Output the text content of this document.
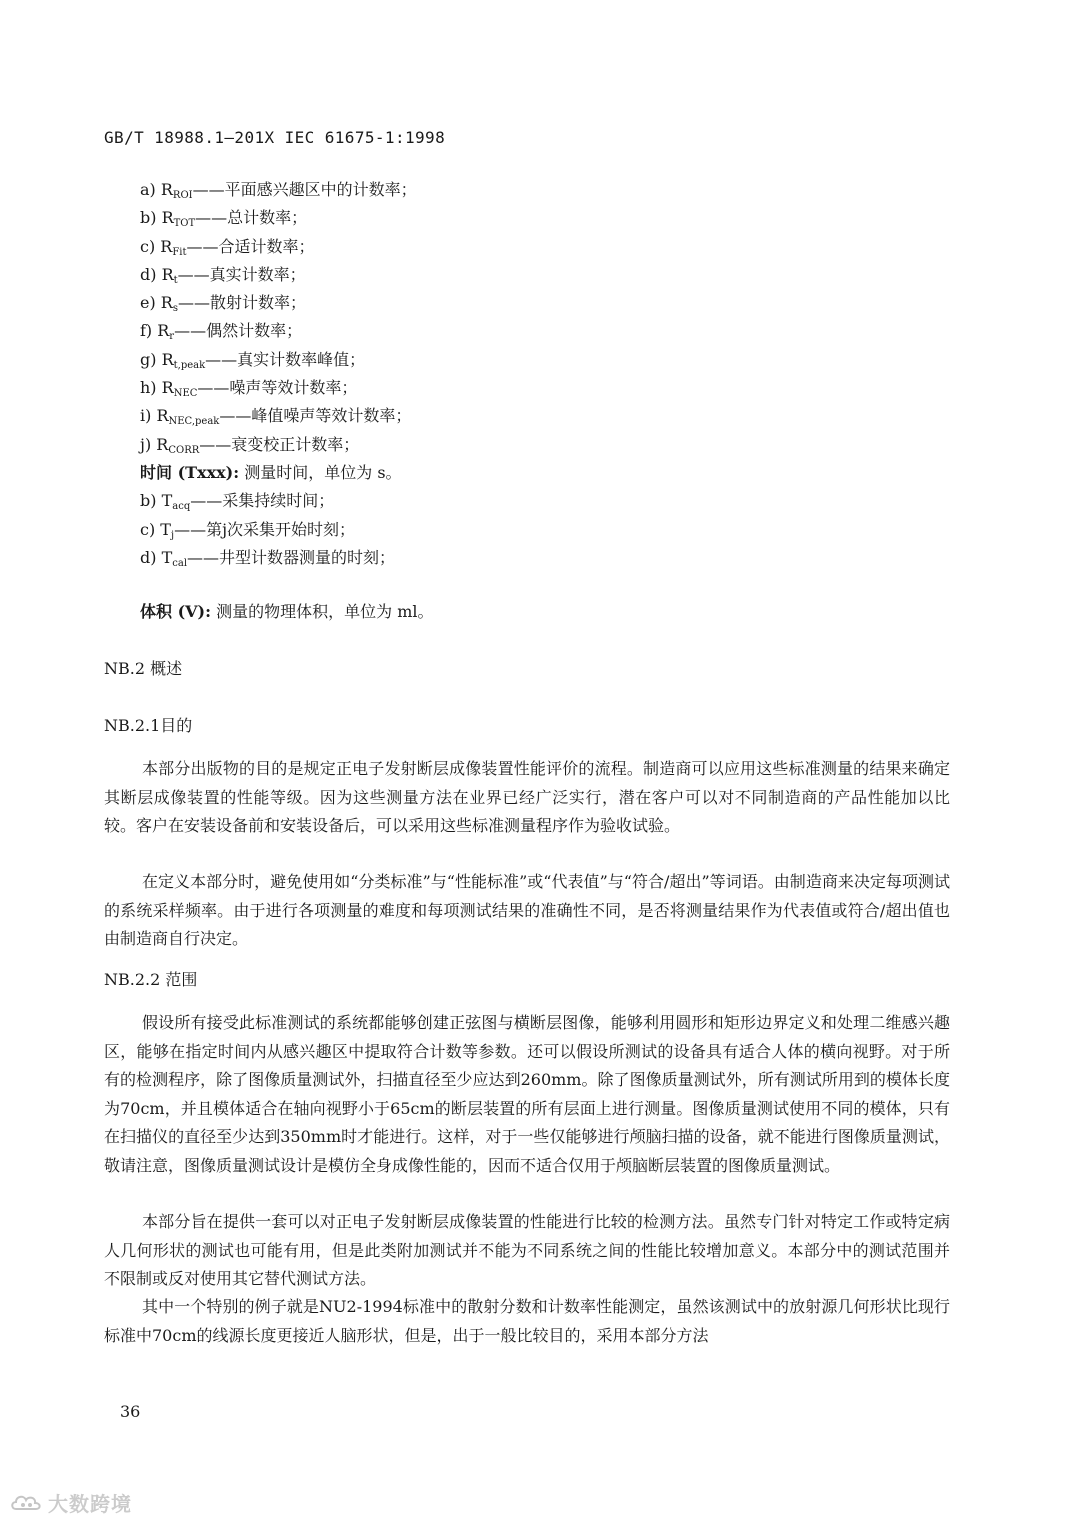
GB/T 18988.1—201X IEC 61675-1:1998
a) $R_{ROI}——$平面感兴趣区中的计数率；
b) $R_{TOT}——$总计数率；
c) $R_{Fit}——$合适计数率；
d) $R_t——$真实计数率；
e) $R_s——$散射计数率；
f) $R_r——$偶然计数率；
g) $R_{t,peak}——$真实计数率峰值；
h) $R_{NEC}——$噪声等效计数率；
i) $R_{NEC,peak}——$峰值噪声等效计数率；
j) $R_{CORR}——$衰变校正计数率；
时间 (Txxx): 测量时间，单位为 s。
b) $T_{acq}——$采集持续时间；
c) $T_j——$第j次采集开始时刻；
d) $T_{cal}——$井型计数器测量的时刻；
体积 (V): 测量的物理体积，单位为 ml。
NB.2 概述
NB.2.1目的

本部分出版物的目的是规定正电子发射断层成像装置性能评价的流程。制造商可以应用这些标准测量的结果来确定其断层成像装置的性能等级。因为这些测量方法在业界已经广泛实行，潜在客户可以对不同制造商的产品性能加以比较。客户在安装设备前和安装设备后，可以采用这些标准测量程序作为验收试验。

在定义本部分时，避免使用如“分类标准”与“性能标准”或“代表值”与“符合/超出”等词语。由制造商来决定每项测试的系统采样频率。由于进行各项测量的难度和每项测试结果的准确性不同，是否将测量结果作为代表值或符合/超出值也由制造商自行决定。

NB.2.2 范围

假设所有接受此标准测试的系统都能够创建正弦图与横断层图像，能够利用圆形和矩形边界定义和处理二维感兴趣区，能够在指定时间内从感兴趣区中提取符合计数等参数。还可以假设所测试的设备具有适合人体的横向视野。对于所有的检测程序，除了图像质量测试外，扫描直径至少应达到260mm。除了图像质量测试外，所有测试所用到的模体长度为70cm，并且模体适合在轴向视野小于65cm的断层装置的所有层面上进行测量。图像质量测试使用不同的模体，只有在扫描仪的直径至少达到350mm时才能进行。这样，对于一些仅能够进行颅脑扫描的设备，就不能进行图像质量测试，敬请注意，图像质量测试设计是模仿全身成像性能的，因而不适合仅用于颅脑断层装置的图像质量测试。

本部分旨在提供一套可以对正电子发射断层成像装置的性能进行比较的检测方法。虽然专门针对特定工作或特定病人几何形状的测试也可能有用，但是此类附加测试并不能为不同系统之间的性能比较增加意义。本部分中的测试范围并不限制或反对使用其它替代测试方法。

其中一个特别的例子就是NU2-1994标准中的散射分数和计数率性能测定，虽然该测试中的放射源几何形状比现行标准中70cm的线源长度更接近人脑形状，但是，出于一般比较目的，采用本部分方法

36
大数跨境
